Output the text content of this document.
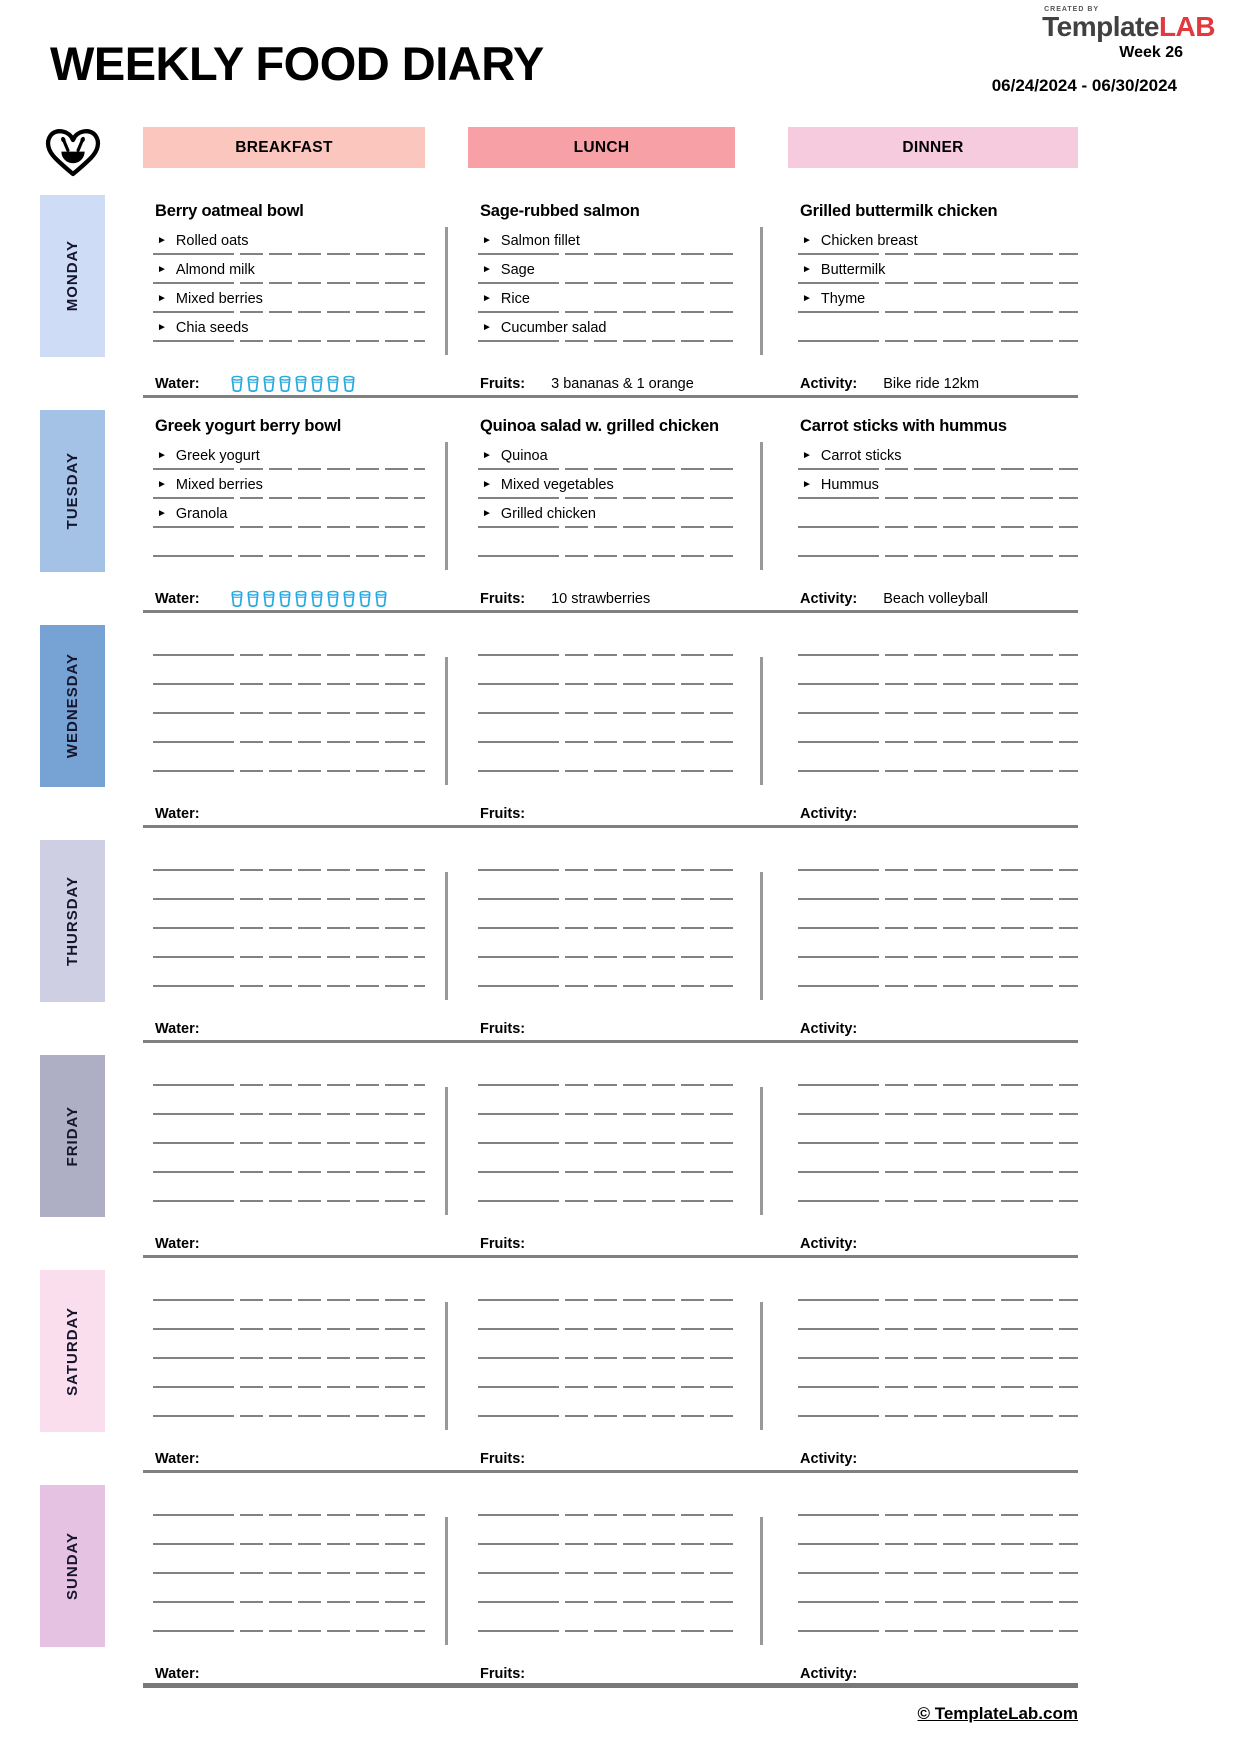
WEEKLY FOOD DIARY
CREATED BY
TemplateLAB
Week 26
06/24/2024 - 06/30/2024
BREAKFAST	LUNCH	DINNER
MONDAY
Berry oatmeal bowl
► Rolled oats
► Almond milk
► Mixed berries
► Chia seeds
Sage-rubbed salmon
► Salmon fillet
► Sage
► Rice
► Cucumber salad
Grilled buttermilk chicken
► Chicken breast
► Buttermilk
► Thyme
Water:	Fruits: 3 bananas & 1 orange	Activity: Bike ride 12km
TUESDAY
Greek yogurt berry bowl
► Greek yogurt
► Mixed berries
► Granola
Quinoa salad w. grilled chicken
► Quinoa
► Mixed vegetables
► Grilled chicken
Carrot sticks with hummus
► Carrot sticks
► Hummus
Water:	Fruits: 10 strawberries	Activity: Beach volleyball
WEDNESDAY
Water:	Fruits:	Activity:
THURSDAY
Water:	Fruits:	Activity:
FRIDAY
Water:	Fruits:	Activity:
SATURDAY
Water:	Fruits:	Activity:
SUNDAY
Water:	Fruits:	Activity:
© TemplateLab.com
